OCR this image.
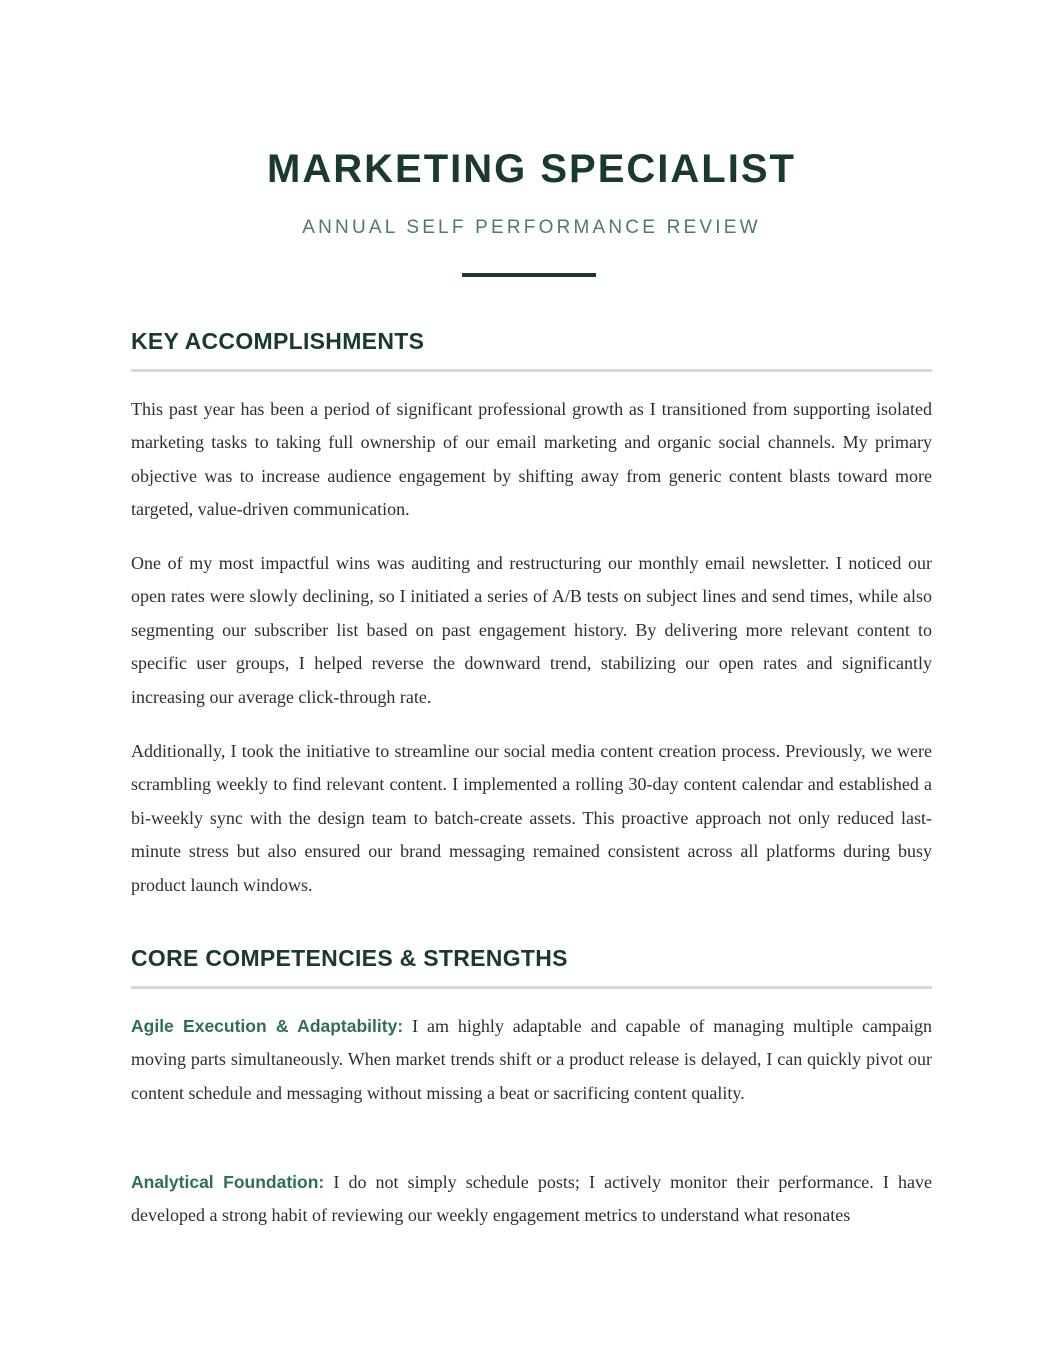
MARKETING SPECIALIST
ANNUAL SELF PERFORMANCE REVIEW
KEY ACCOMPLISHMENTS

This past year has been a period of significant professional growth as I transitioned from supporting isolated marketing tasks to taking full ownership of our email marketing and organic social channels. My primary objective was to increase audience engagement by shifting away from generic content blasts toward more targeted, value-driven communication.

One of my most impactful wins was auditing and restructuring our monthly email newsletter. I noticed our open rates were slowly declining, so I initiated a series of A/B tests on subject lines and send times, while also segmenting our subscriber list based on past engagement history. By delivering more relevant content to specific user groups, I helped reverse the downward trend, stabilizing our open rates and significantly increasing our average click-through rate.

Additionally, I took the initiative to streamline our social media content creation process. Previously, we were scrambling weekly to find relevant content. I implemented a rolling 30-day content calendar and established a bi-weekly sync with the design team to batch-create assets. This proactive approach not only reduced last-minute stress but also ensured our brand messaging remained consistent across all platforms during busy product launch windows.

CORE COMPETENCIES & STRENGTHS

Agile Execution & Adaptability: I am highly adaptable and capable of managing multiple campaign moving parts simultaneously. When market trends shift or a product release is delayed, I can quickly pivot our content schedule and messaging without missing a beat or sacrificing content quality.

Analytical Foundation: I do not simply schedule posts; I actively monitor their performance. I have developed a strong habit of reviewing our weekly engagement metrics to understand what resonates
